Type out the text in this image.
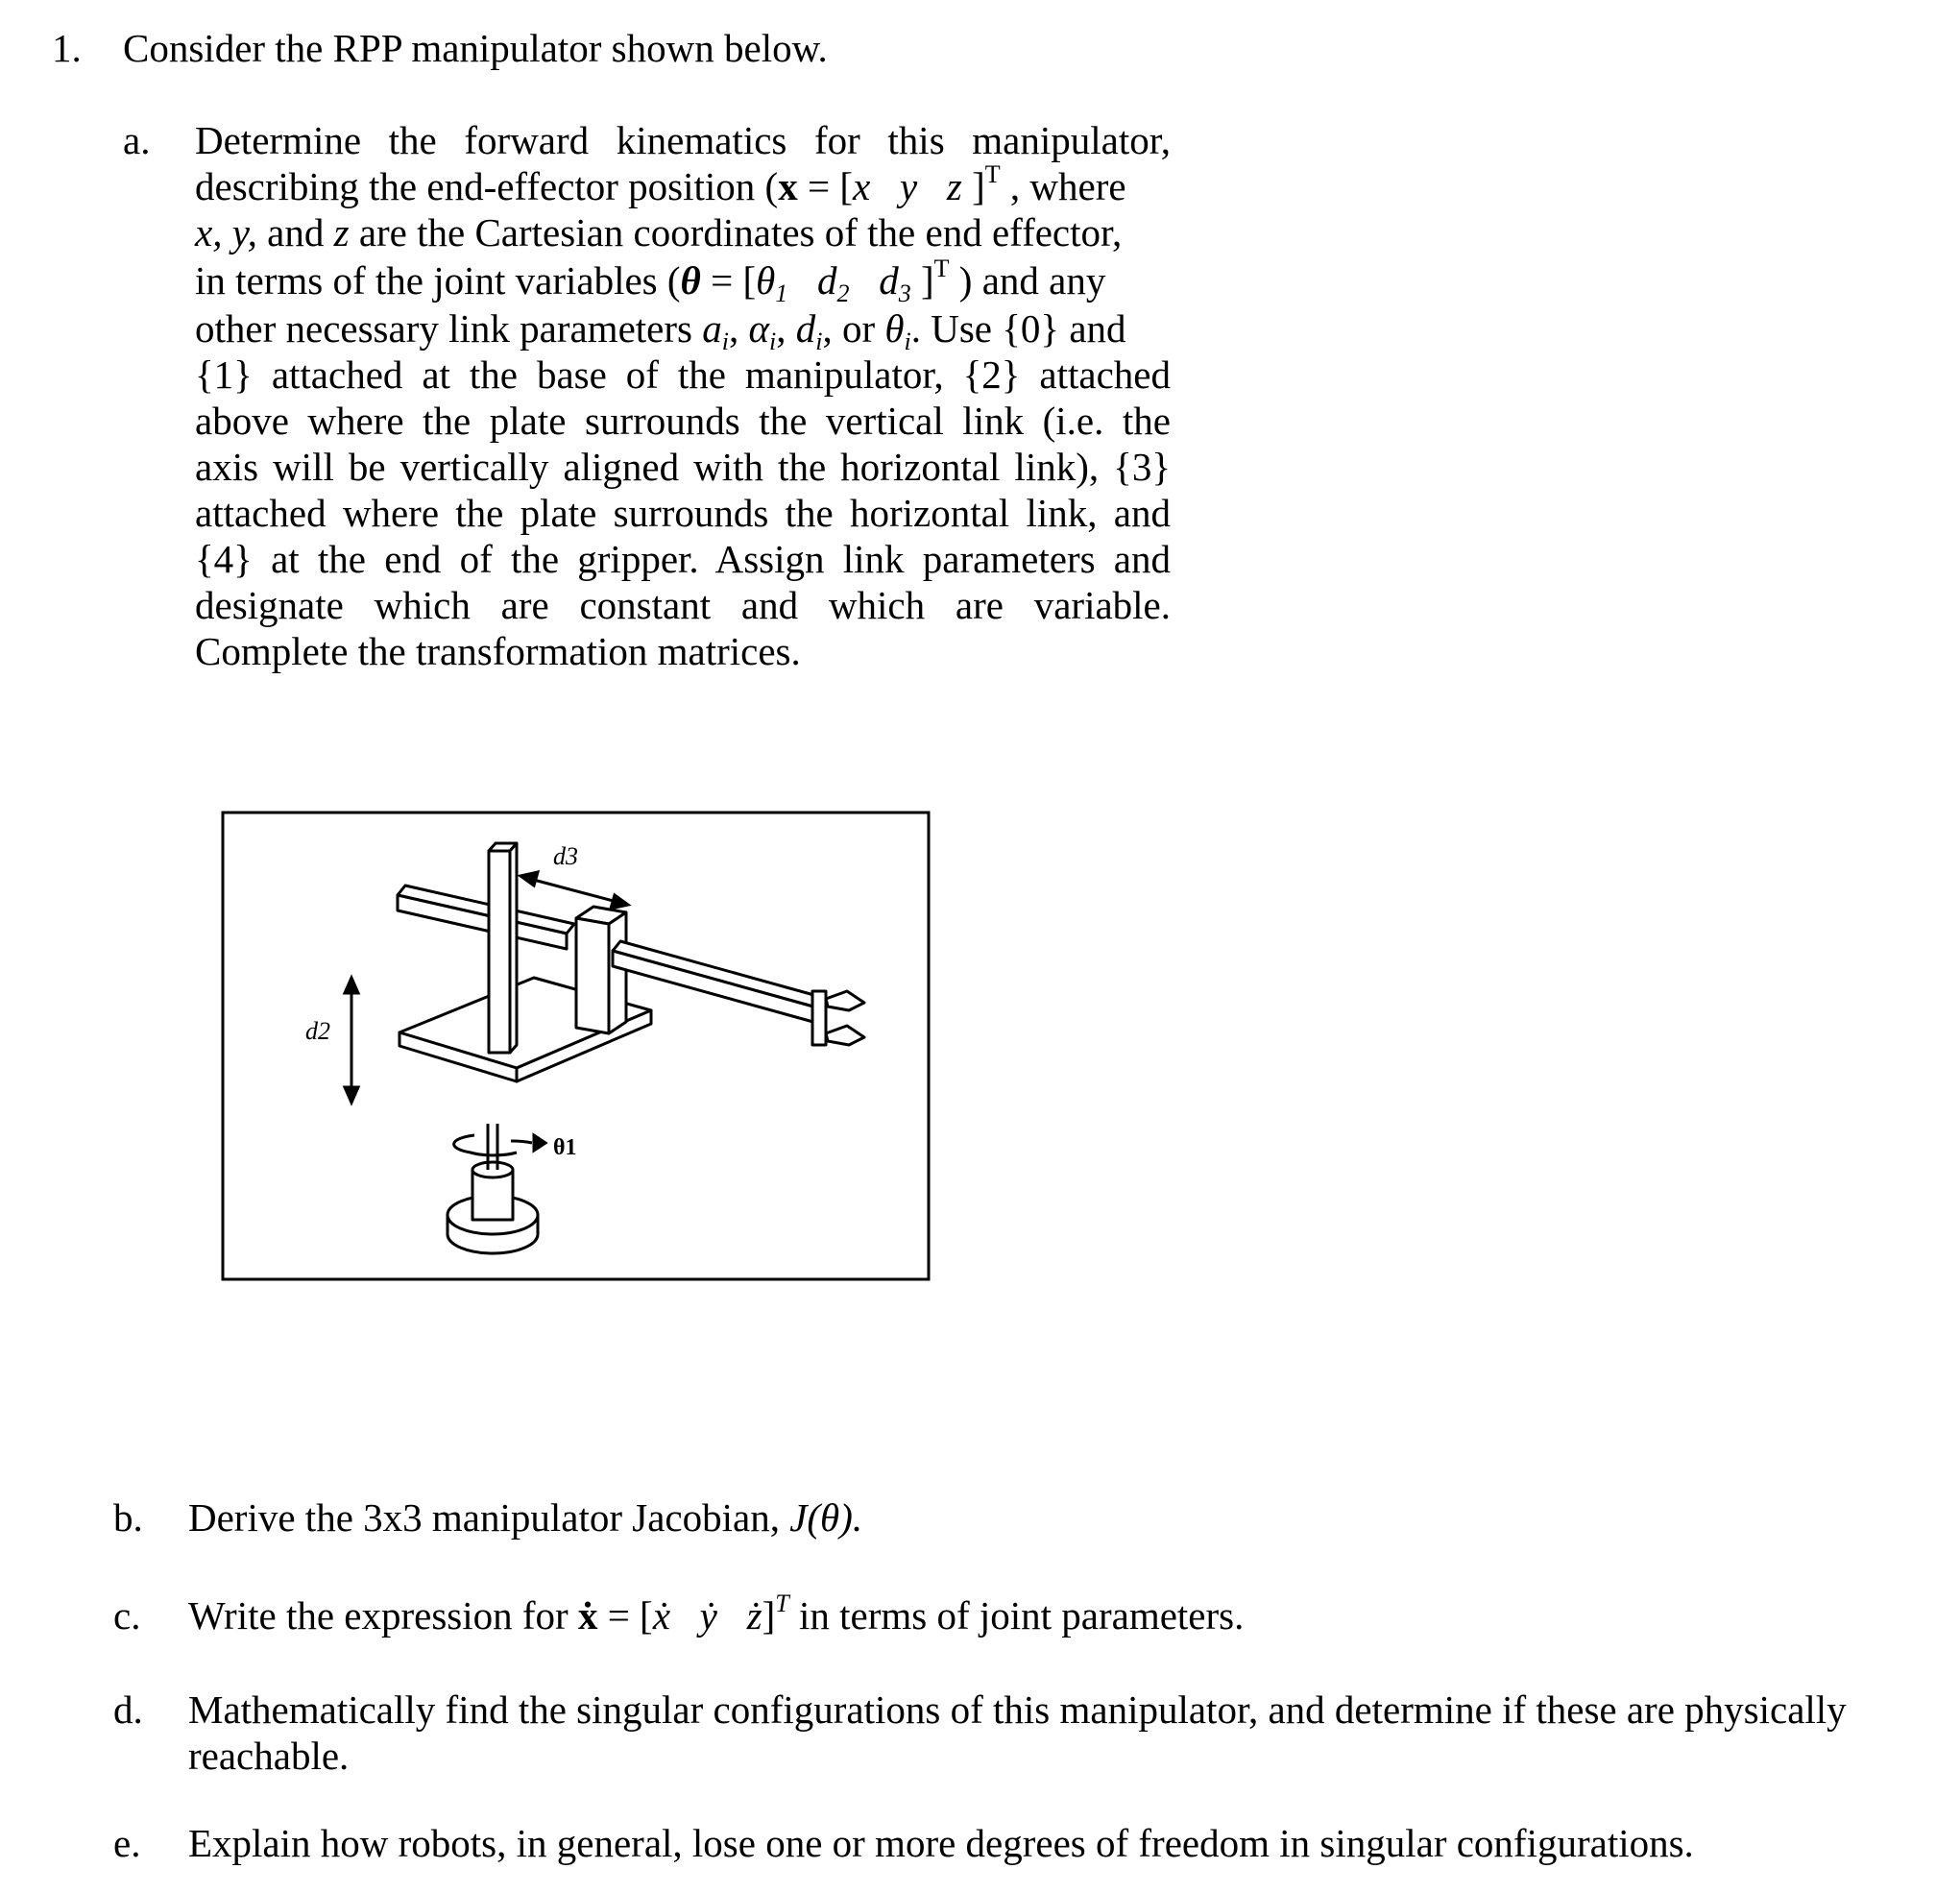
1. Consider the RPP manipulator shown below.
a. Determine the forward kinematics for this manipulator,
describing the end-effector position (x = [x y z ]$^T$ , where
x, y, and z are the Cartesian coordinates of the end effector,
in terms of the joint variables ($\theta = [\theta_1$ $d_2$ $d_3$ ]$^T$ ) and any
other necessary link parameters $a_i$, $\alpha_i$, $d_i$, or $\theta_i$. Use {0} and
{1} attached at the base of the manipulator, {2} attached
above where the plate surrounds the vertical link (i.e. the
axis will be vertically aligned with the horizontal link), {3}
attached where the plate surrounds the horizontal link, and
{4} at the end of the gripper. Assign link parameters and
designate which are constant and which are variable.
Complete the transformation matrices.
d3
d2
θ1
b. Derive the 3x3 manipulator Jacobian, J(θ).
c. Write the expression for ẋ = [ẋ ẏ ż]$^T$ in terms of joint parameters.
d. Mathematically find the singular configurations of this manipulator, and determine if these are physically
reachable.
e. Explain how robots, in general, lose one or more degrees of freedom in singular configurations.
